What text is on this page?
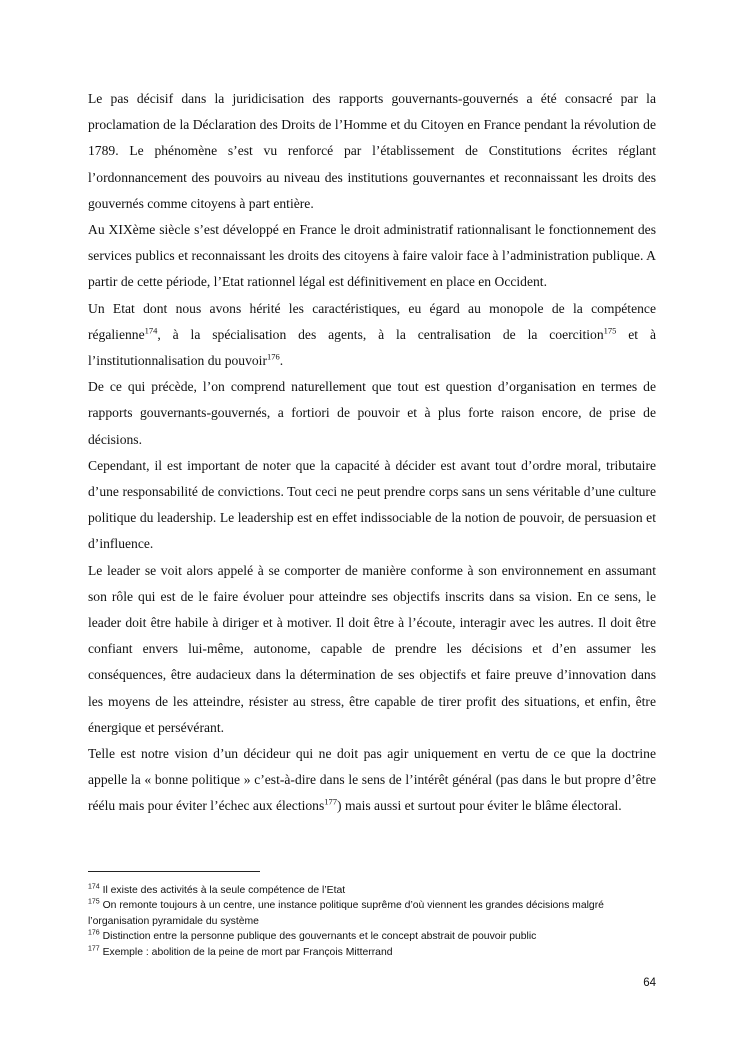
Le pas décisif dans la juridicisation des rapports gouvernants-gouvernés a été consacré par la proclamation de la Déclaration des Droits de l’Homme et du Citoyen en France pendant la révolution de 1789. Le phénomène s’est vu renforcé par l’établissement de Constitutions écrites réglant l’ordonnancement des pouvoirs au niveau des institutions gouvernantes et reconnaissant les droits des gouvernés comme citoyens à part entière.

Au XIXème siècle s’est développé en France le droit administratif rationnalisant le fonctionnement des services publics et reconnaissant les droits des citoyens à faire valoir face à l’administration publique. A partir de cette période, l’Etat rationnel légal est définitivement en place en Occident.

Un Etat dont nous avons hérité les caractéristiques, eu égard au monopole de la compétence régalienne$^{174}$, à la spécialisation des agents, à la centralisation de la coercition$^{175}$ et à l’institutionnalisation du pouvoir$^{176}$.

De ce qui précède, l’on comprend naturellement que tout est question d’organisation en termes de rapports gouvernants-gouvernés, a fortiori de pouvoir et à plus forte raison encore, de prise de décisions.

Cependant, il est important de noter que la capacité à décider est avant tout d’ordre moral, tributaire d’une responsabilité de convictions. Tout ceci ne peut prendre corps sans un sens véritable d’une culture politique du leadership. Le leadership est en effet indissociable de la notion de pouvoir, de persuasion et d’influence.

Le leader se voit alors appelé à se comporter de manière conforme à son environnement en assumant son rôle qui est de le faire évoluer pour atteindre ses objectifs inscrits dans sa vision. En ce sens, le leader doit être habile à diriger et à motiver. Il doit être à l’écoute, interagir avec les autres. Il doit être confiant envers lui-même, autonome, capable de prendre les décisions et d’en assumer les conséquences, être audacieux dans la détermination de ses objectifs et faire preuve d’innovation dans les moyens de les atteindre, résister au stress, être capable de tirer profit des situations, et enfin, être énergique et persévérant.

Telle est notre vision d’un décideur qui ne doit pas agir uniquement en vertu de ce que la doctrine appelle la « bonne politique » c’est-à-dire dans le sens de l’intérêt général (pas dans le but propre d’être réélu mais pour éviter l’échec aux élections$^{177}$) mais aussi et surtout pour éviter le blâme électoral.

$^{174}$ Il existe des activités à la seule compétence de l’Etat

$^{175}$ On remonte toujours à un centre, une instance politique suprême d’où viennent les grandes décisions malgré l’organisation pyramidale du système

$^{176}$ Distinction entre la personne publique des gouvernants et le concept abstrait de pouvoir public

$^{177}$ Exemple : abolition de la peine de mort par François Mitterrand

64
